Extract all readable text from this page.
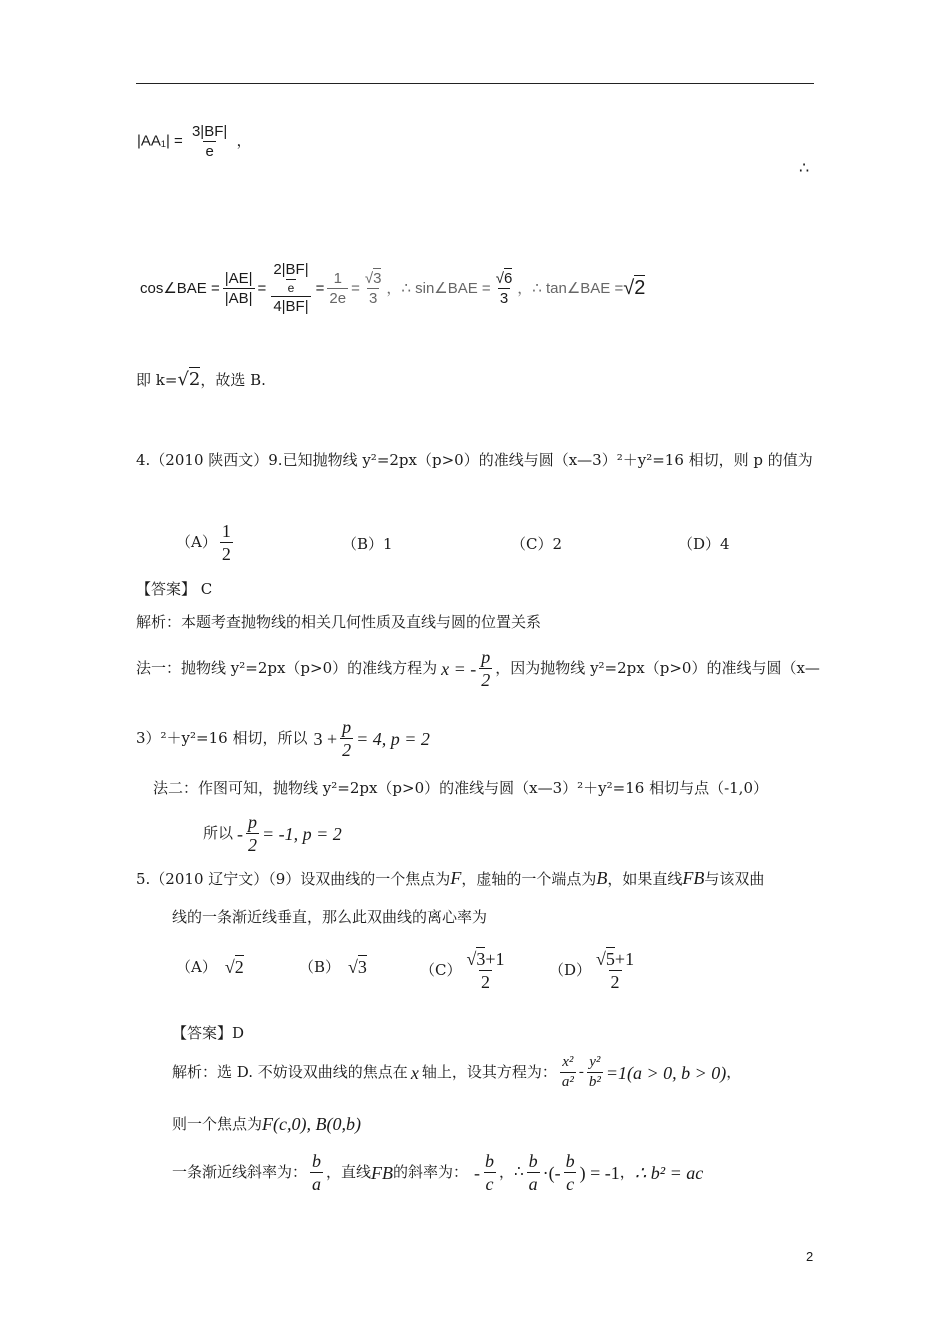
$|AA_1| = \frac{3|BF|}{e}$ ，
∴
cos∠BAE = $\frac{|AE|}{|AB|} = \frac{\frac{2|BF|}{e}}{4|BF|} = \frac{1}{2e} = \frac{√3}{3}$ ，∴ sin∠BAE = $\frac{√6}{3}$ ，∴ tan∠BAE = √2
即 k=√2，故选 B.
4.（2010 陕西文）9.已知抛物线 y²=2px（p>0）的准线与圆（x—3）²＋y²=16 相切，则 p 的值为
$(A) \frac{1}{2}$	（B）1	（C）2	（D）4
【答案】 C
解析：本题考查抛物线的相关几何性质及直线与圆的位置关系
法一：抛物线 y²=2px（p>0）的准线方程为 x = - $\frac{p}{2}$ ，因为抛物线 y²=2px（p>0）的准线与圆（x—
3）²＋y²=16 相切，所以 $3 + \frac{p}{2} = 4$, p = 2
法二：作图可知，抛物线 y²=2px（p>0）的准线与圆（x—3）²＋y²=16 相切与点（-1,0）
所以 - $\frac{p}{2} = -1$, p = 2
5.（2010 辽宁文）（9）设双曲线的一个焦点为F，虚轴的一个端点为B，如果直线FB与该双曲
线的一条渐近线垂直，那么此双曲线的离心率为
（A） √2	（B） √3	$(C) \frac{√3+1}{2}$	$(D) \frac{√5+1}{2}$
【答案】D
解析：选 D. 不妨设双曲线的焦点在 x 轴上，设其方程为： $\frac{\text{x²}}{\text{a²}} - \frac{\text{y²}}{\text{b²}} =1(a > 0$, b > 0) ，
则一个焦点为 F(c,0), B(0,b)
一条渐近线斜率为： $\frac{b}{a}$ ，直线 FB 的斜率为： - $\frac{b}{c}$ ， ∴ $\frac{b}{a}$ ·(- $\frac{b}{c}$ ) = -1 ， ∴ b² = ac
2
